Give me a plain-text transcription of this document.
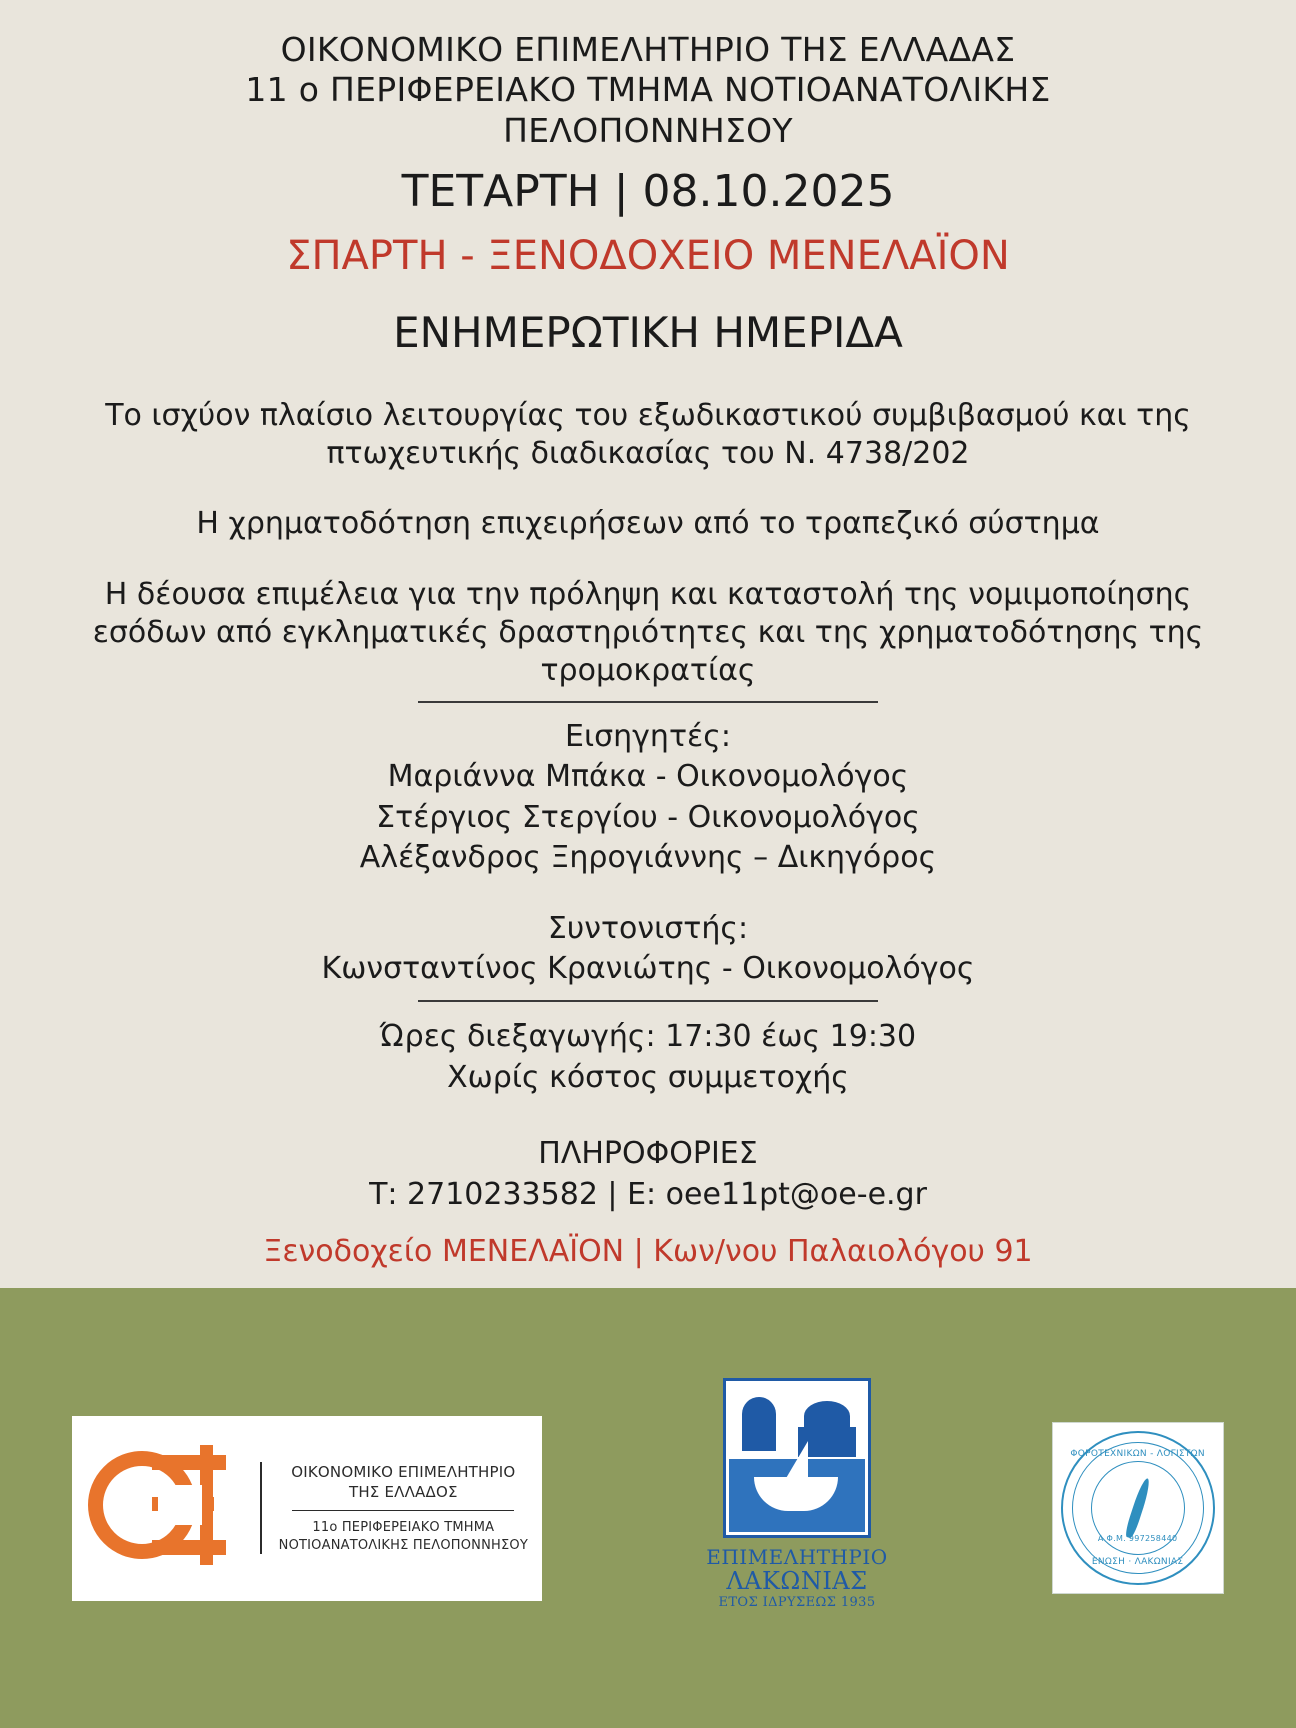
ΟΙΚΟΝΟΜΙΚΟ ΕΠΙΜΕΛΗΤΗΡΙΟ ΤΗΣ ΕΛΛΑΔΑΣ
11 ο ΠΕΡΙΦΕΡΕΙΑΚΟ ΤΜΗΜΑ ΝΟΤΙΟΑΝΑΤΟΛΙΚΗΣ
ΠΕΛΟΠΟΝΝΗΣΟΥ
ΤΕΤΑΡΤΗ | 08.10.2025
ΣΠΑΡΤΗ - ΞΕΝΟΔΟΧΕΙΟ ΜΕΝΕΛΑΪΟΝ
ΕΝΗΜΕΡΩΤΙΚΗ ΗΜΕΡΙΔΑ
Το ισχύον πλαίσιο λειτουργίας του εξωδικαστικού συμβιβασμού και της πτωχευτικής διαδικασίας του Ν. 4738/202
Η χρηματοδότηση επιχειρήσεων από το τραπεζικό σύστημα
Η δέουσα επιμέλεια για την πρόληψη και καταστολή της νομιμοποίησης εσόδων από εγκληματικές δραστηριότητες και της χρηματοδότησης της τρομοκρατίας
Εισηγητές:
Μαριάννα Μπάκα - Οικονομολόγος
Στέργιος Στεργίου - Οικονομολόγος
Αλέξανδρος Ξηρογιάννης – Δικηγόρος
Συντονιστής:
Κωνσταντίνος Κρανιώτης - Οικονομολόγος
Ώρες διεξαγωγής: 17:30 έως 19:30
Χωρίς κόστος συμμετοχής
ΠΛΗΡΟΦΟΡΙΕΣ
Τ: 2710233582 | Ε: oee11pt@oe-e.gr
Ξενοδοχείο ΜΕΝΕΛΑΪΟΝ | Κων/νου Παλαιολόγου 91
ΟΙΚΟΝΟΜΙΚΟ ΕΠΙΜΕΛΗΤΗΡΙΟ
ΤΗΣ ΕΛΛΑΔΟΣ
11ο ΠΕΡΙΦΕΡΕΙΑΚΟ ΤΜΗΜΑ
ΝΟΤΙΟΑΝΑΤΟΛΙΚΗΣ ΠΕΛΟΠΟΝΝΗΣΟΥ	ΕΠΙΜΕΛΗΤΗΡΙΟ
ΛΑΚΩΝΙΑΣ
ΕΤΟΣ ΙΔΡΥΣΕΩΣ 1935
ΦΟΡΟΤΕΧΝΙΚΩΝ - ΛΟΓΙΣΤΩΝ
Α.Φ.Μ. 997258440
ΕΝΩΣΗ · ΛΑΚΩΝΙΑΣ
